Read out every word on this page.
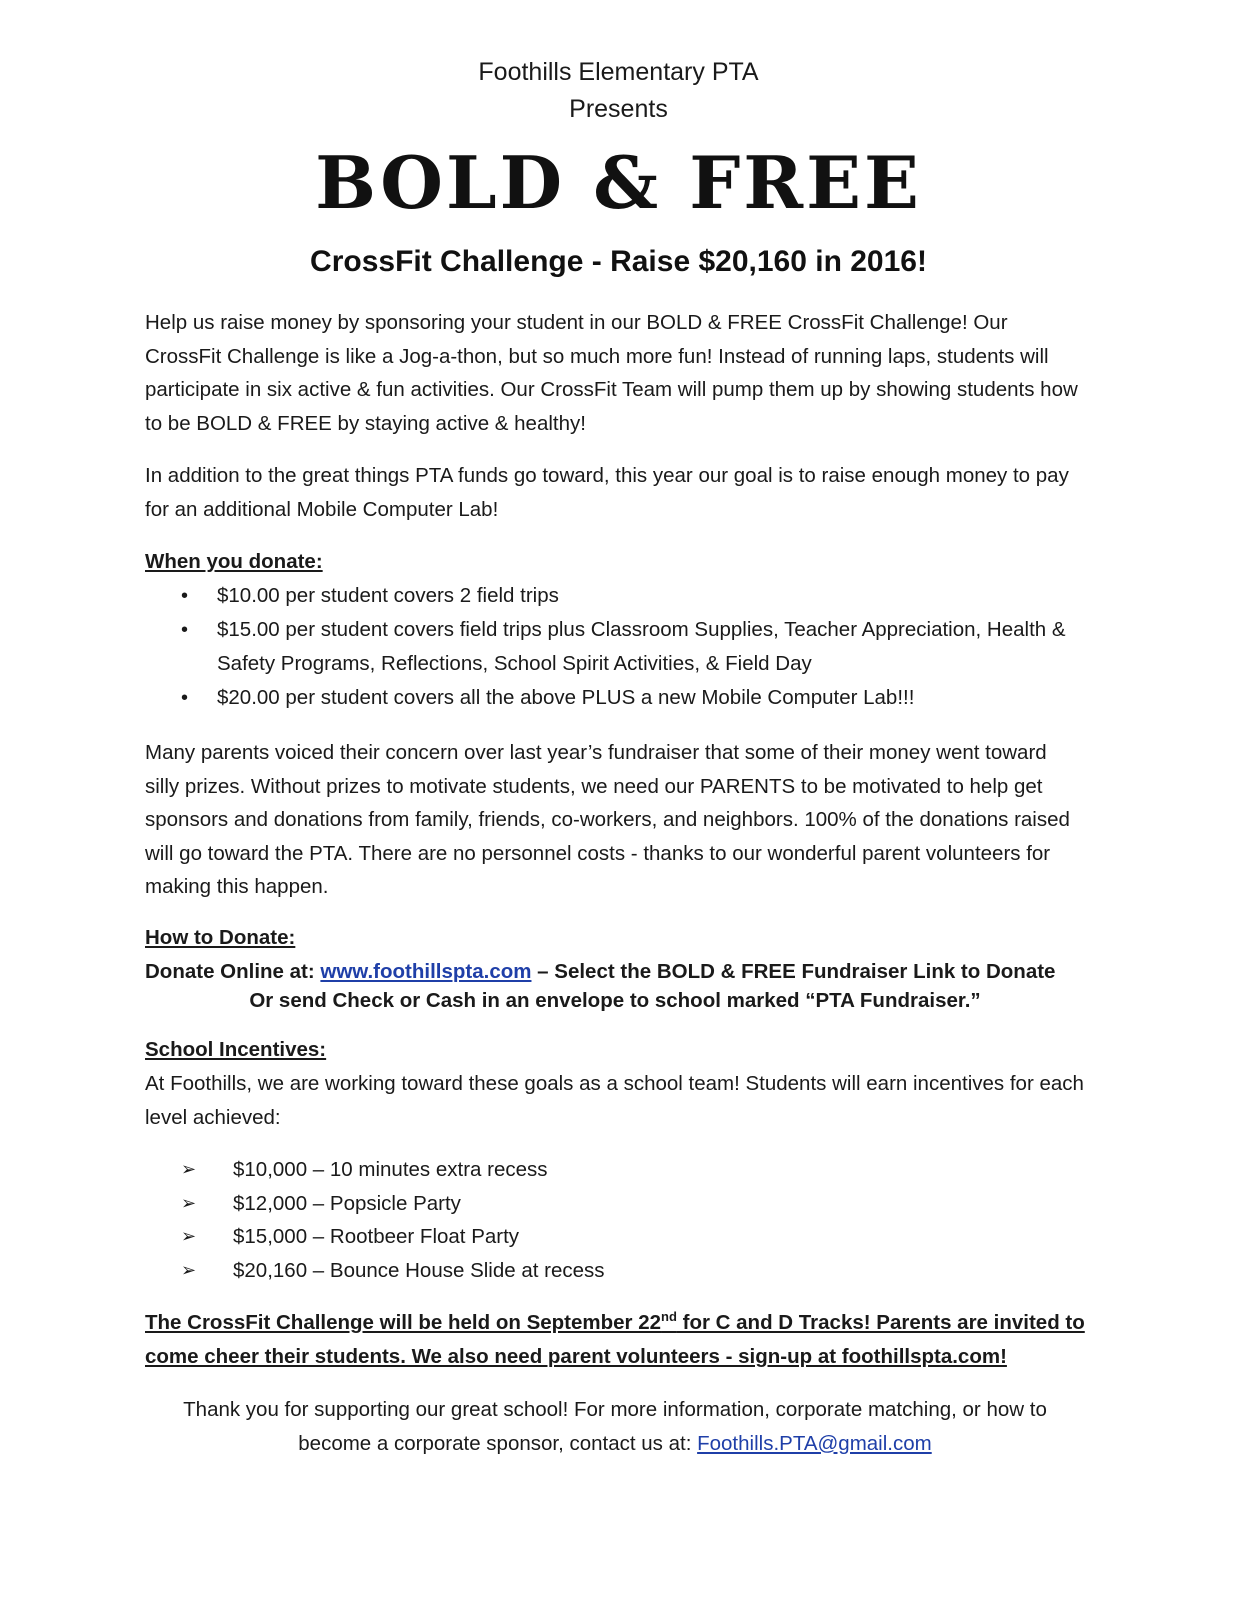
Foothills Elementary PTA
Presents
BOLD & FREE
CrossFit Challenge - Raise $20,160 in 2016!

Help us raise money by sponsoring your student in our BOLD & FREE CrossFit Challenge! Our CrossFit Challenge is like a Jog-a-thon, but so much more fun! Instead of running laps, students will participate in six active & fun activities. Our CrossFit Team will pump them up by showing students how to be BOLD & FREE by staying active & healthy!

In addition to the great things PTA funds go toward, this year our goal is to raise enough money to pay for an additional Mobile Computer Lab!

When you donate:
• $10.00 per student covers 2 field trips
• $15.00 per student covers field trips plus Classroom Supplies, Teacher Appreciation, Health & Safety Programs, Reflections, School Spirit Activities, & Field Day
• $20.00 per student covers all the above PLUS a new Mobile Computer Lab!!!

Many parents voiced their concern over last year’s fundraiser that some of their money went toward silly prizes. Without prizes to motivate students, we need our PARENTS to be motivated to help get sponsors and donations from family, friends, co-workers, and neighbors. 100% of the donations raised will go toward the PTA. There are no personnel costs - thanks to our wonderful parent volunteers for making this happen.

How to Donate:
Donate Online at: www.foothillspta.com – Select the BOLD & FREE Fundraiser Link to Donate
Or send Check or Cash in an envelope to school marked “PTA Fundraiser.”
School Incentives:

At Foothills, we are working toward these goals as a school team! Students will earn incentives for each level achieved:

➢ $10,000 – 10 minutes extra recess
➢ $12,000 – Popsicle Party
➢ $15,000 – Rootbeer Float Party
➢ $20,160 – Bounce House Slide at recess
The CrossFit Challenge will be held on September 22nd for C and D Tracks! Parents are invited to come cheer their students. We also need parent volunteers - sign-up at foothillspta.com!
Thank you for supporting our great school! For more information, corporate matching, or how to become a corporate sponsor, contact us at: Foothills.PTA@gmail.com
